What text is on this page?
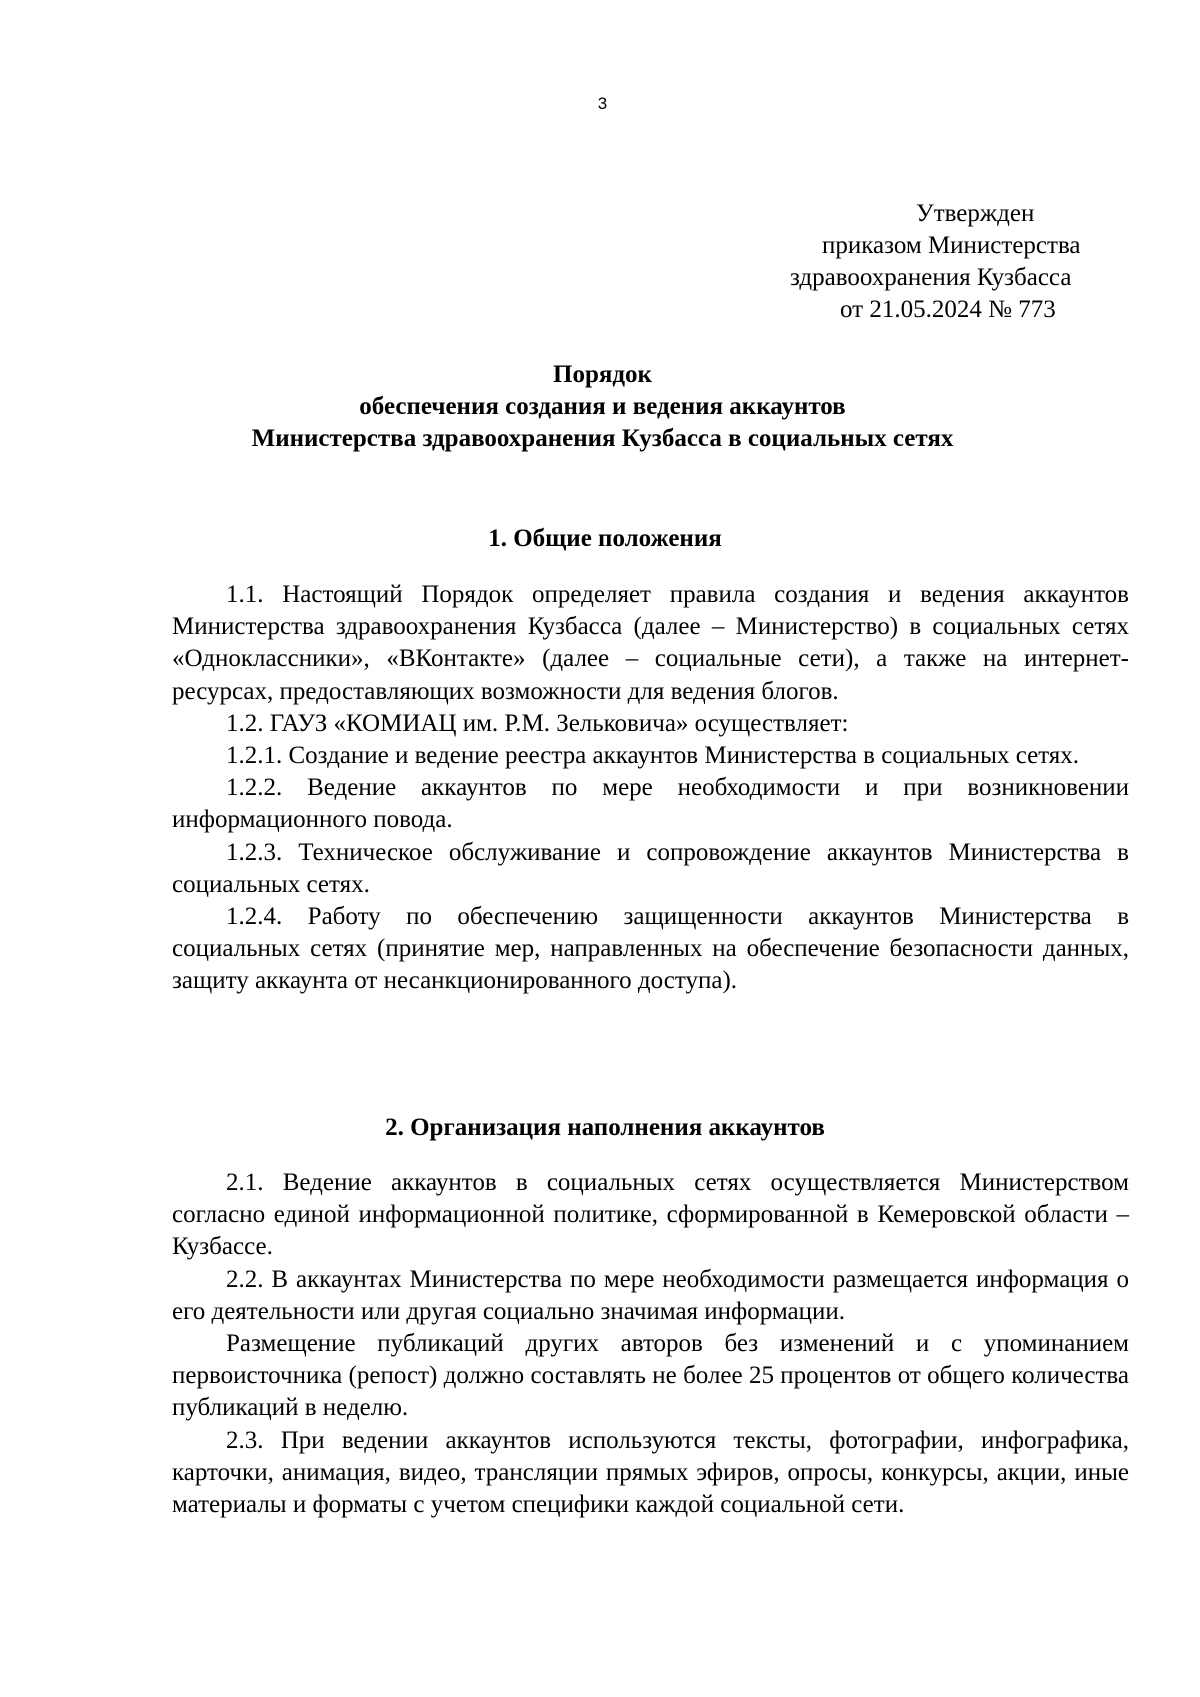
3
Утвержден
приказом Министерства
здравоохранения Кузбасса
от 21.05.2024 № 773
Порядок
обеспечения создания и ведения аккаунтов
Министерства здравоохранения Кузбасса в социальных сетях
1. Общие положения

1.1. Настоящий Порядок определяет правила создания и ведения аккаунтов Министерства здравоохранения Кузбасса (далее – Министерство) в социальных сетях «Одноклассники», «ВКонтакте» (далее – социальные сети), а также на интернет-ресурсах, предоставляющих возможности для ведения блогов.

1.2. ГАУЗ «КОМИАЦ им. Р.М. Зельковича» осуществляет:

1.2.1. Создание и ведение реестра аккаунтов Министерства в социальных сетях.

1.2.2. Ведение аккаунтов по мере необходимости и при возникновении информационного повода.

1.2.3. Техническое обслуживание и сопровождение аккаунтов Министерства в социальных сетях.

1.2.4. Работу по обеспечению защищенности аккаунтов Министерства в социальных сетях (принятие мер, направленных на обеспечение безопасности данных, защиту аккаунта от несанкционированного доступа).

2. Организация наполнения аккаунтов

2.1. Ведение аккаунтов в социальных сетях осуществляется Министерством согласно единой информационной политике, сформированной в Кемеровской области – Кузбассе.

2.2. В аккаунтах Министерства по мере необходимости размещается информация о его деятельности или другая социально значимая информации.

Размещение публикаций других авторов без изменений и с упоминанием первоисточника (репост) должно составлять не более 25 процентов от общего количества публикаций в неделю.

2.3. При ведении аккаунтов используются тексты, фотографии, инфографика, карточки, анимация, видео, трансляции прямых эфиров, опросы, конкурсы, акции, иные материалы и форматы с учетом специфики каждой социальной сети.
